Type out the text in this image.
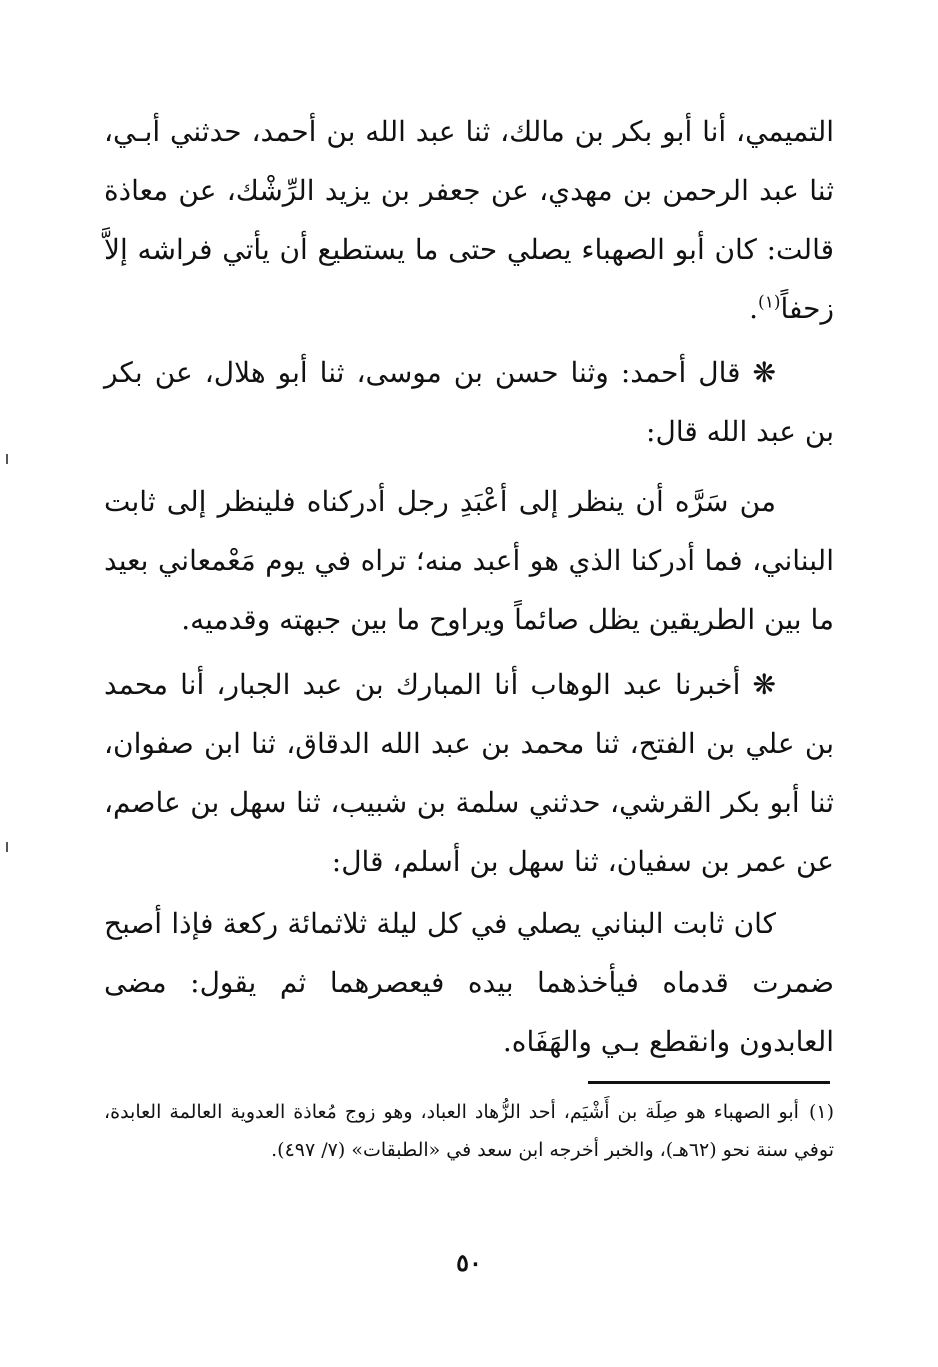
التميمي، أنا أبو بكر بن مالك، ثنا عبد الله بن أحمد، حدثني أبـي، ثنا عبد الرحمن بن مهدي، عن جعفر بن يزيد الرِّشْك، عن معاذة قالت: كان أبو الصهباء يصلي حتى ما يستطيع أن يأتي فراشه إلاَّ زحفاً$^{(١)}$.

❋ قال أحمد: وثنا حسن بن موسى، ثنا أبو هلال، عن بكر بن عبد الله قال:

من سَرَّه أن ينظر إلى أعْبَدِ رجل أدركناه فلينظر إلى ثابت البناني، فما أدركنا الذي هو أعبد منه؛ تراه في يوم مَعْمعاني بعيد ما بين الطريقين يظل صائماً ويراوح ما بين جبهته وقدميه.

❋ أخبرنا عبد الوهاب أنا المبارك بن عبد الجبار، أنا محمد بن علي بن الفتح، ثنا محمد بن عبد الله الدقاق، ثنا ابن صفوان، ثنا أبو بكر القرشي، حدثني سلمة بن شبيب، ثنا سهل بن عاصم، عن عمر بن سفيان، ثنا سهل بن أسلم، قال:

كان ثابت البناني يصلي في كل ليلة ثلاثمائة ركعة فإذا أصبح ضمرت قدماه فيأخذهما بيده فيعصرهما ثم يقول: مضى العابدون وانقطع بـي والهَفَاه.

(١)أبو الصهباء هو صِلَة بن أَشْيَم، أحد الزُّهاد العباد، وهو زوج مُعاذة العدوية العالمة العابدة، توفي سنة نحو (٦٢هـ)، والخبر أخرجه ابن سعد في «الطبقات» (٧/ ٤٩٧).

٥٠
